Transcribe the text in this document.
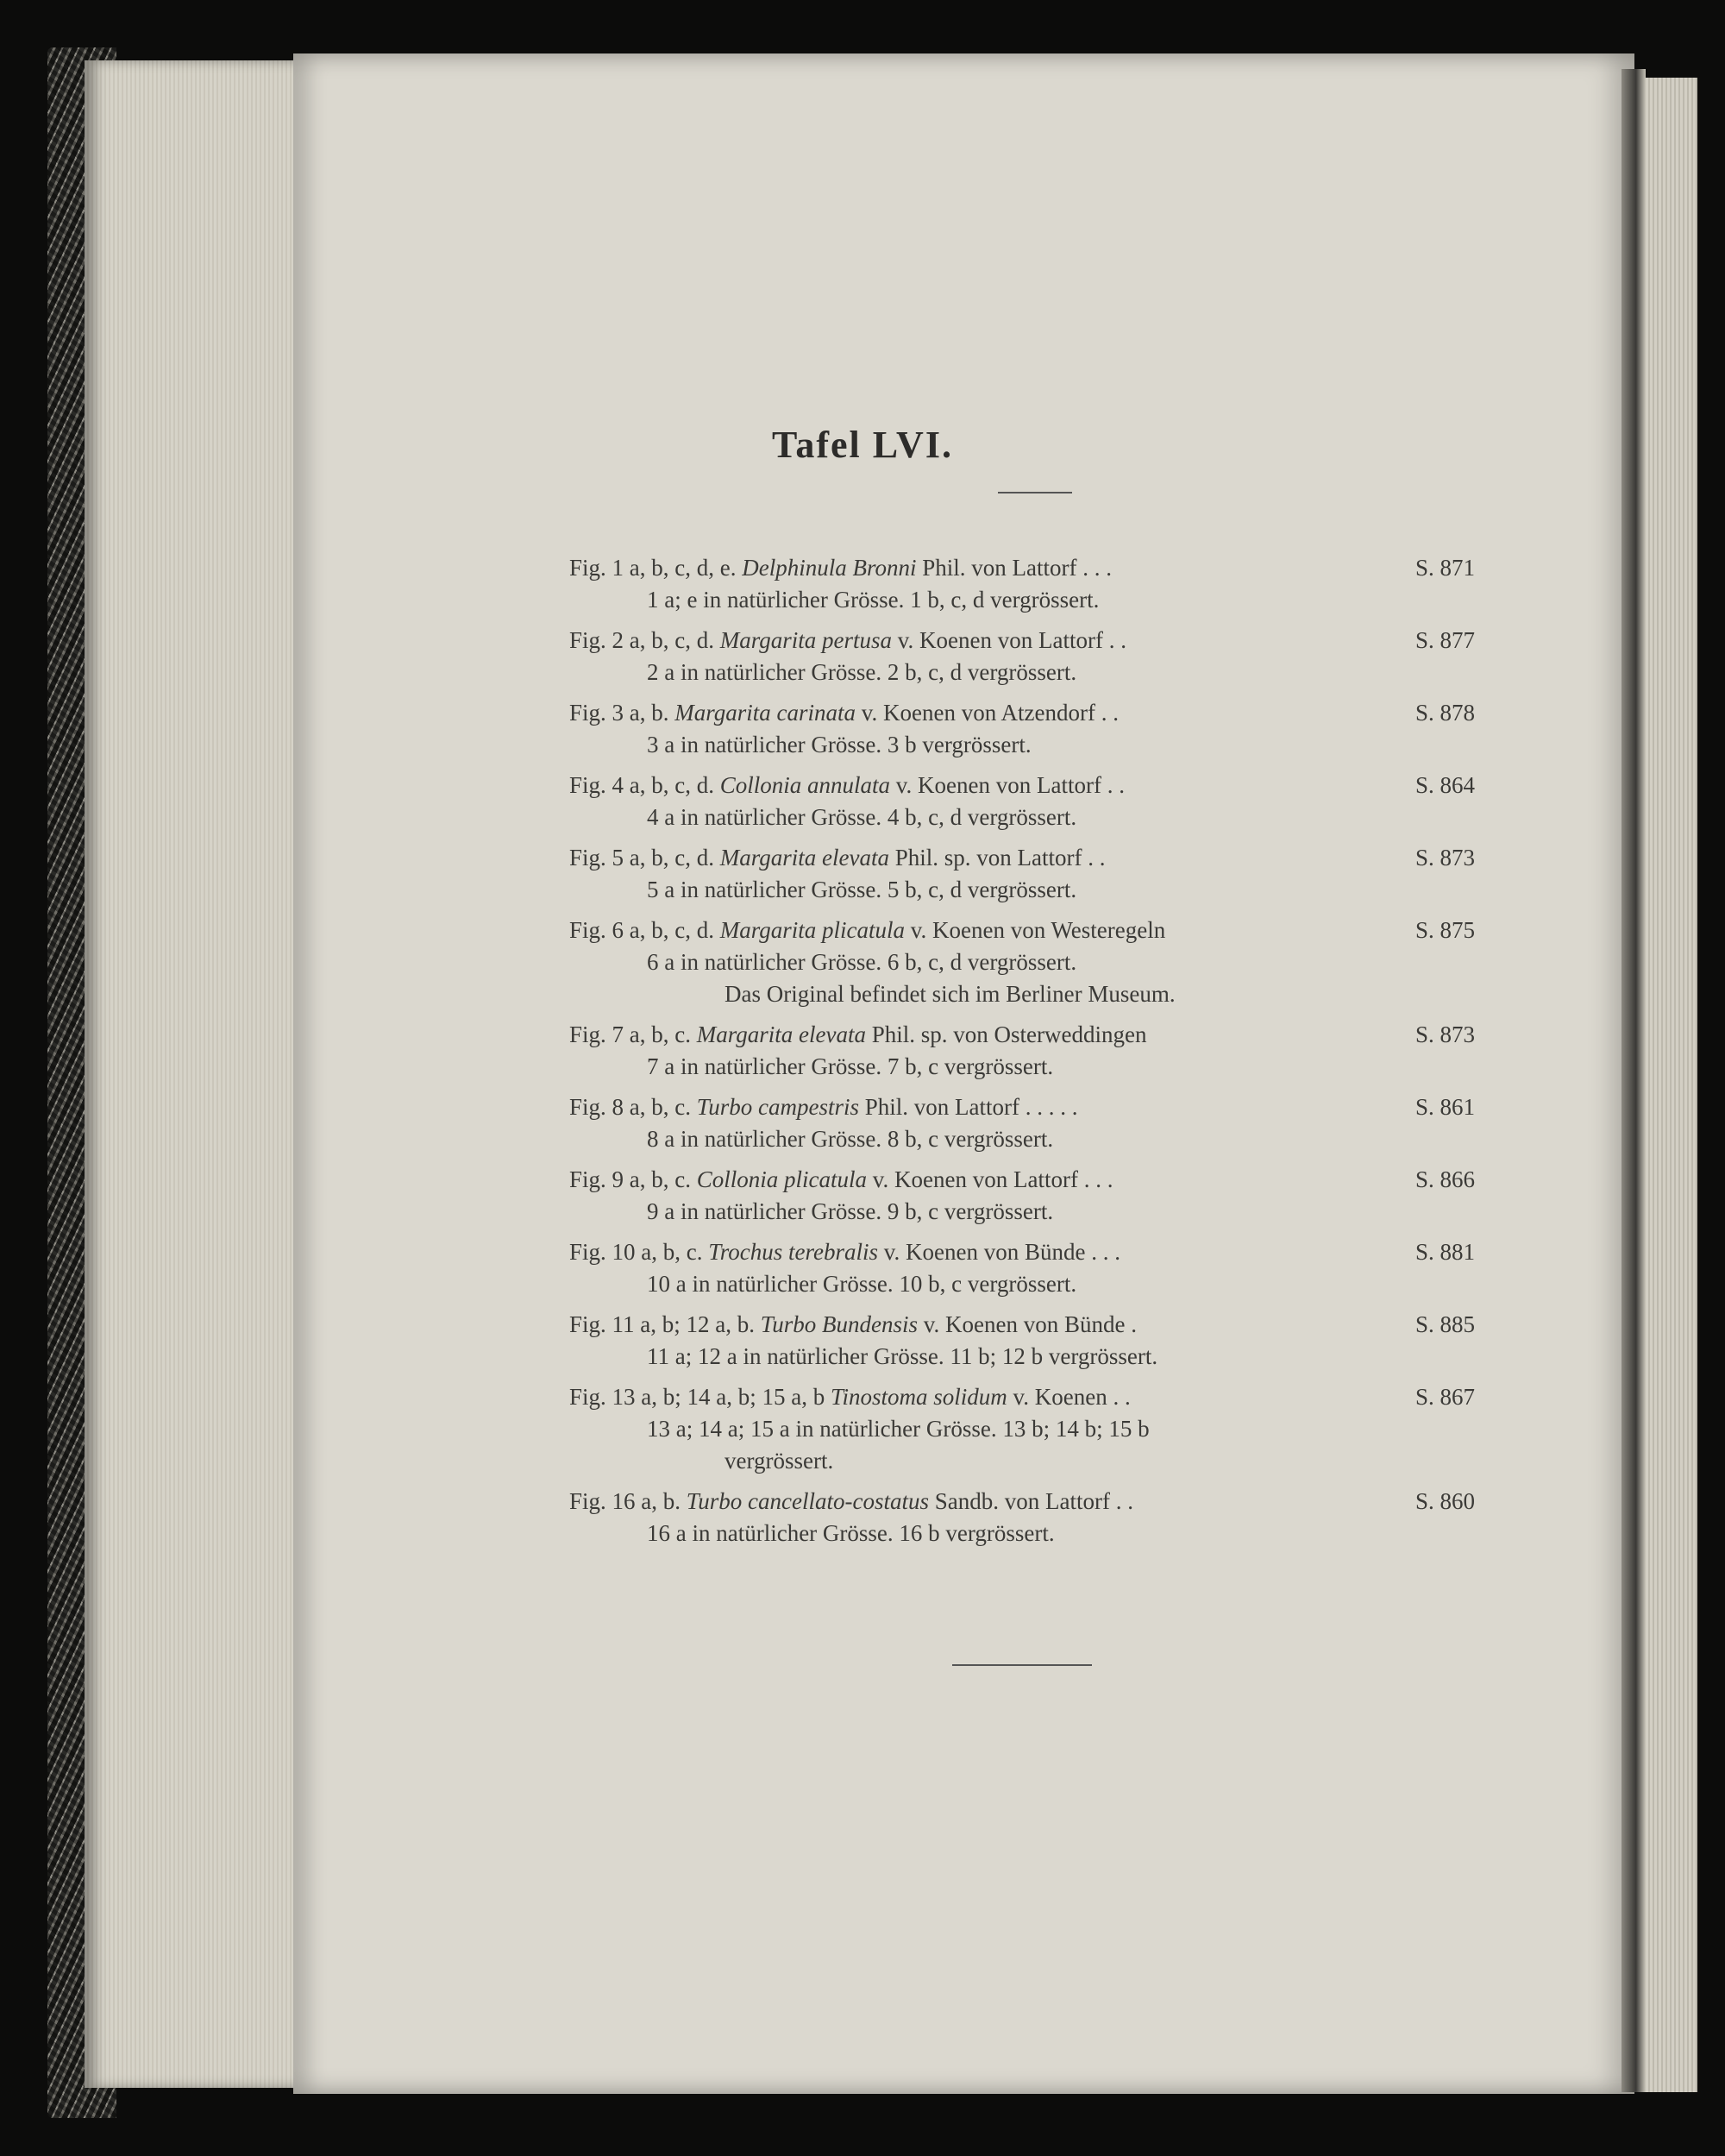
Tafel LVI.
Fig. 1 a, b, c, d, e. Delphinula Bronni Phil. von Lattorf . . .	S. 871
1 a; e in natürlicher Grösse. 1 b, c, d vergrössert.
Fig. 2 a, b, c, d. Margarita pertusa v. Koenen von Lattorf . .	S. 877
2 a in natürlicher Grösse. 2 b, c, d vergrössert.
Fig. 3 a, b. Margarita carinata v. Koenen von Atzendorf . .	S. 878
3 a in natürlicher Grösse. 3 b vergrössert.
Fig. 4 a, b, c, d. Collonia annulata v. Koenen von Lattorf . .	S. 864
4 a in natürlicher Grösse. 4 b, c, d vergrössert.
Fig. 5 a, b, c, d. Margarita elevata Phil. sp. von Lattorf . .	S. 873
5 a in natürlicher Grösse. 5 b, c, d vergrössert.
Fig. 6 a, b, c, d. Margarita plicatula v. Koenen von Westeregeln	S. 875
6 a in natürlicher Grösse. 6 b, c, d vergrössert.
Das Original befindet sich im Berliner Museum.
Fig. 7 a, b, c. Margarita elevata Phil. sp. von Osterweddingen	S. 873
7 a in natürlicher Grösse. 7 b, c vergrössert.
Fig. 8 a, b, c. Turbo campestris Phil. von Lattorf . . . . .	S. 861
8 a in natürlicher Grösse. 8 b, c vergrössert.
Fig. 9 a, b, c. Collonia plicatula v. Koenen von Lattorf . . .	S. 866
9 a in natürlicher Grösse. 9 b, c vergrössert.
Fig. 10 a, b, c. Trochus terebralis v. Koenen von Bünde . . .	S. 881
10 a in natürlicher Grösse. 10 b, c vergrössert.
Fig. 11 a, b; 12 a, b. Turbo Bundensis v. Koenen von Bünde .	S. 885
11 a; 12 a in natürlicher Grösse. 11 b; 12 b vergrössert.
Fig. 13 a, b; 14 a, b; 15 a, b Tinostoma solidum v. Koenen . .	S. 867
13 a; 14 a; 15 a in natürlicher Grösse. 13 b; 14 b; 15 b
vergrössert.
Fig. 16 a, b. Turbo cancellato-costatus Sandb. von Lattorf . .	S. 860
16 a in natürlicher Grösse. 16 b vergrössert.
